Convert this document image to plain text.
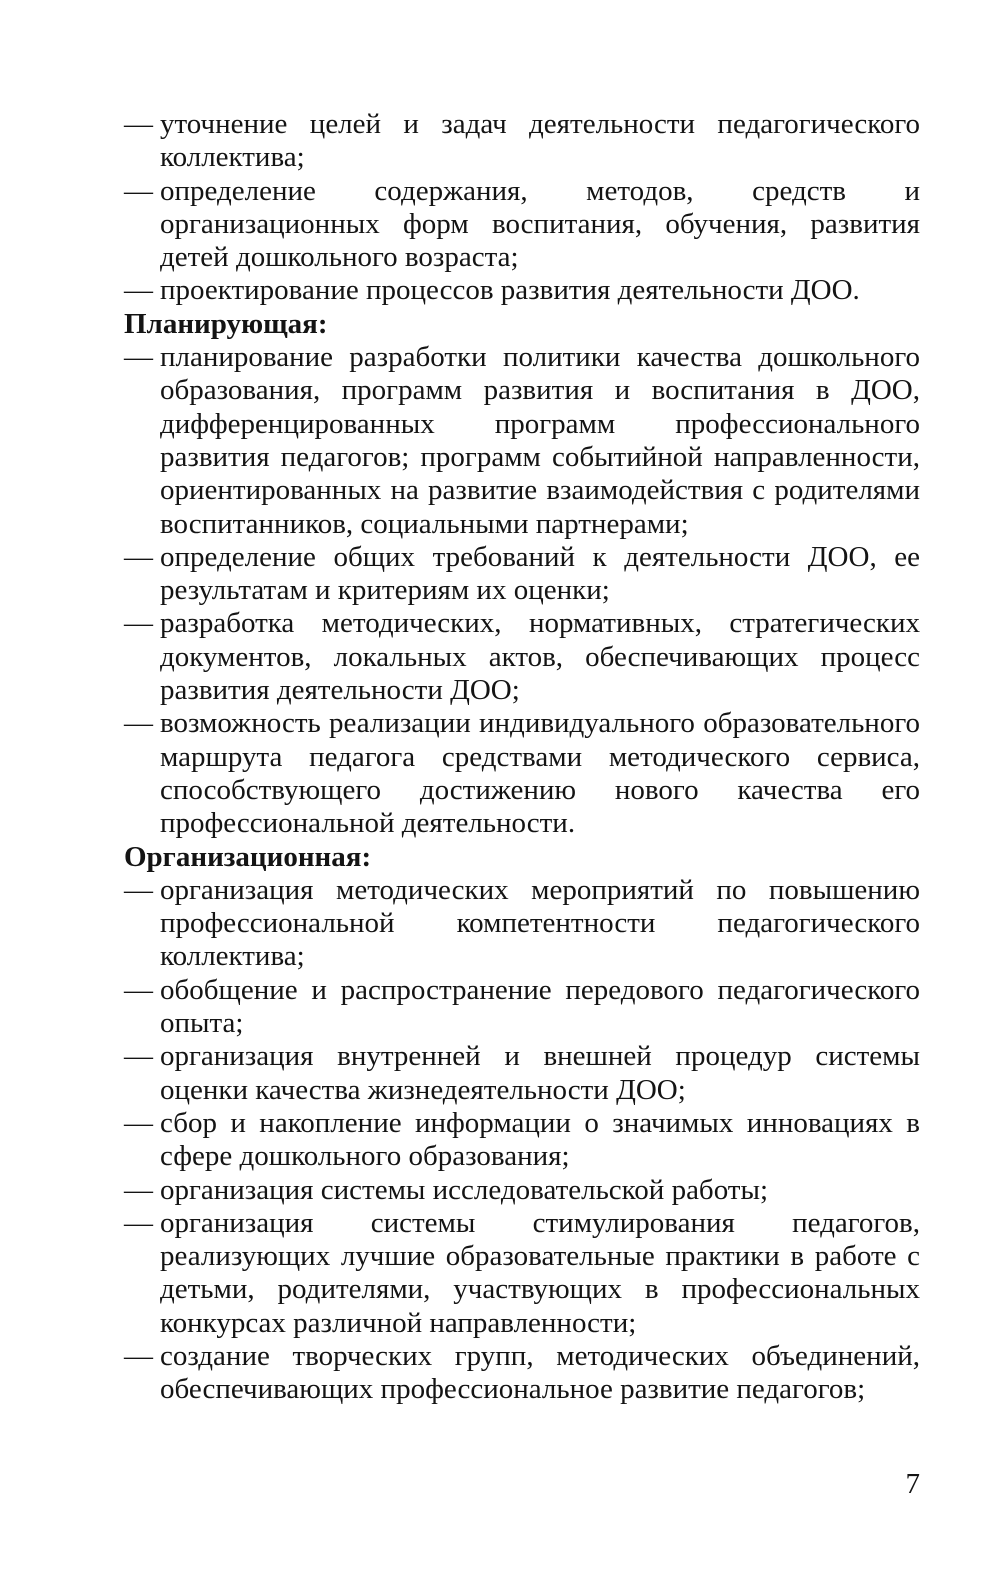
— уточнение целей и задач деятельности педагогического коллектива;

— определение содержания, методов, средств и организационных форм воспитания, обучения, развития детей дошкольного возраста;

— проектирование процессов развития деятельности ДОО.

Планирующая:

— планирование разработки политики качества дошкольного образования, программ развития и воспитания в ДОО, дифференцированных программ профессионального развития педагогов; программ событийной направленности, ориентированных на развитие взаимодействия с родителями воспитанников, социальными партнерами;

— определение общих требований к деятельности ДОО, ее результатам и критериям их оценки;

— разработка методических, нормативных, стратегических документов, локальных актов, обеспечивающих процесс развития деятельности ДОО;

— возможность реализации индивидуального образовательного маршрута педагога средствами методического сервиса, способствующего достижению нового качества его профессиональной деятельности.

Организационная:

— организация методических мероприятий по повышению профессиональной компетентности педагогического коллектива;

— обобщение и распространение передового педагогического опыта;

— организация внутренней и внешней процедур системы оценки качества жизнедеятельности ДОО;

— сбор и накопление информации о значимых инновациях в сфере дошкольного образования;

— организация системы исследовательской работы;

— организация системы стимулирования педагогов, реализующих лучшие образовательные практики в работе с детьми, родителями, участвующих в профессиональных конкурсах различной направленности;

— создание творческих групп, методических объединений, обеспечивающих профессиональное развитие педагогов;

7
